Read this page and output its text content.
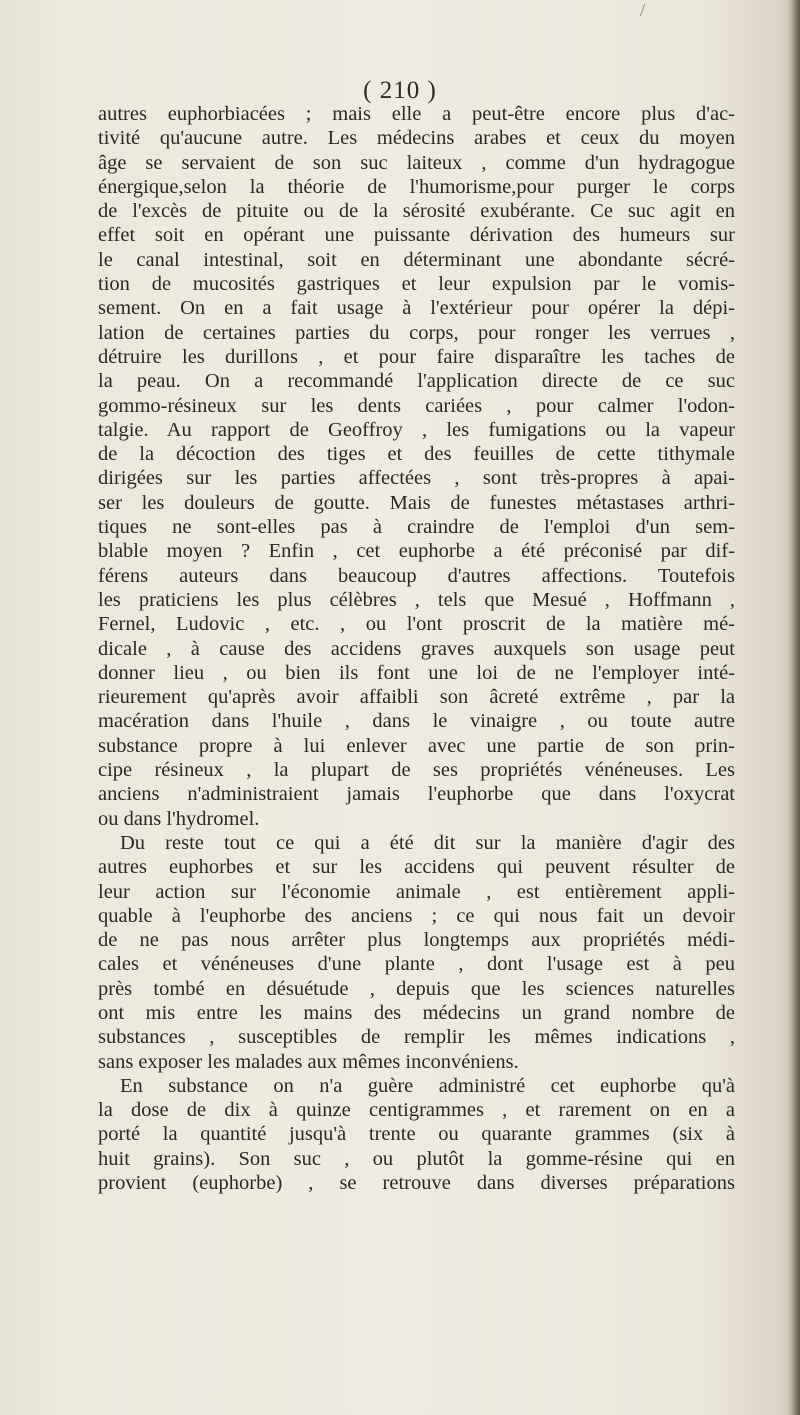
/
( 210 )
autres euphorbiacées ; mais elle a peut-être encore plus d'ac-
tivité qu'aucune autre. Les médecins arabes et ceux du moyen
âge se servaient de son suc laiteux , comme d'un hydragogue
énergique,selon la théorie de l'humorisme,pour purger le corps
de l'excès de pituite ou de la sérosité exubérante. Ce suc agit en
effet soit en opérant une puissante dérivation des humeurs sur
le canal intestinal, soit en déterminant une abondante sécré-
tion de mucosités gastriques et leur expulsion par le vomis-
sement. On en a fait usage à l'extérieur pour opérer la dépi-
lation de certaines parties du corps, pour ronger les verrues ,
détruire les durillons , et pour faire disparaître les taches de
la peau. On a recommandé l'application directe de ce suc
gommo-résineux sur les dents cariées , pour calmer l'odon-
talgie. Au rapport de Geoffroy , les fumigations ou la vapeur
de la décoction des tiges et des feuilles de cette tithymale
dirigées sur les parties affectées , sont très-propres à apai-
ser les douleurs de goutte. Mais de funestes métastases arthri-
tiques ne sont-elles pas à craindre de l'emploi d'un sem-
blable moyen ? Enfin , cet euphorbe a été préconisé par dif-
férens auteurs dans beaucoup d'autres affections. Toutefois
les praticiens les plus célèbres , tels que Mesué , Hoffmann ,
Fernel, Ludovic , etc. , ou l'ont proscrit de la matière mé-
dicale , à cause des accidens graves auxquels son usage peut
donner lieu , ou bien ils font une loi de ne l'employer inté-
rieurement qu'après avoir affaibli son âcreté extrême , par la
macération dans l'huile , dans le vinaigre , ou toute autre
substance propre à lui enlever avec une partie de son prin-
cipe résineux , la plupart de ses propriétés vénéneuses. Les
anciens n'administraient jamais l'euphorbe que dans l'oxycrat
ou dans l'hydromel.
Du reste tout ce qui a été dit sur la manière d'agir des
autres euphorbes et sur les accidens qui peuvent résulter de
leur action sur l'économie animale , est entièrement appli-
quable à l'euphorbe des anciens ; ce qui nous fait un devoir
de ne pas nous arrêter plus longtemps aux propriétés médi-
cales et vénéneuses d'une plante , dont l'usage est à peu
près tombé en désuétude , depuis que les sciences naturelles
ont mis entre les mains des médecins un grand nombre de
substances , susceptibles de remplir les mêmes indications ,
sans exposer les malades aux mêmes inconvéniens.
En substance on n'a guère administré cet euphorbe qu'à
la dose de dix à quinze centigrammes , et rarement on en a
porté la quantité jusqu'à trente ou quarante grammes (six à
huit grains). Son suc , ou plutôt la gomme-résine qui en
provient (euphorbe) , se retrouve dans diverses préparations
